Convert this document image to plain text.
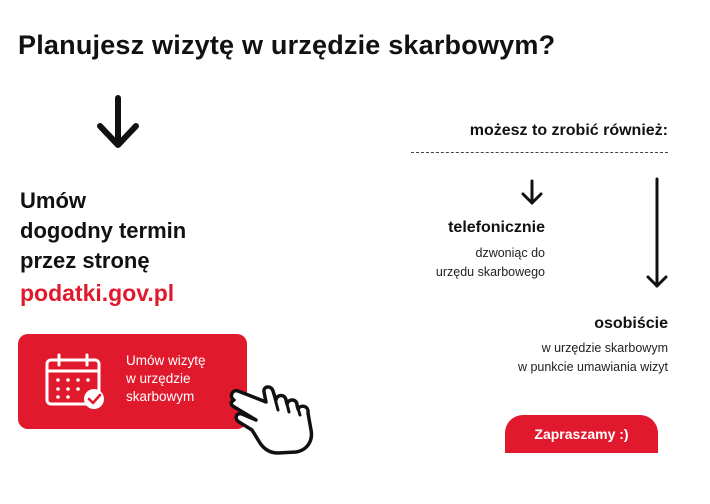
Planujesz wizytę w urzędzie skarbowym?
Umów
dogodny termin
przez stronę
podatki.gov.pl
Umów wizytę
w urzędzie
skarbowym
możesz to zrobić również:
telefonicznie
dzwoniąc do
urzędu skarbowego
osobiście
w urzędzie skarbowym
w punkcie umawiania wizyt
Zapraszamy :)
